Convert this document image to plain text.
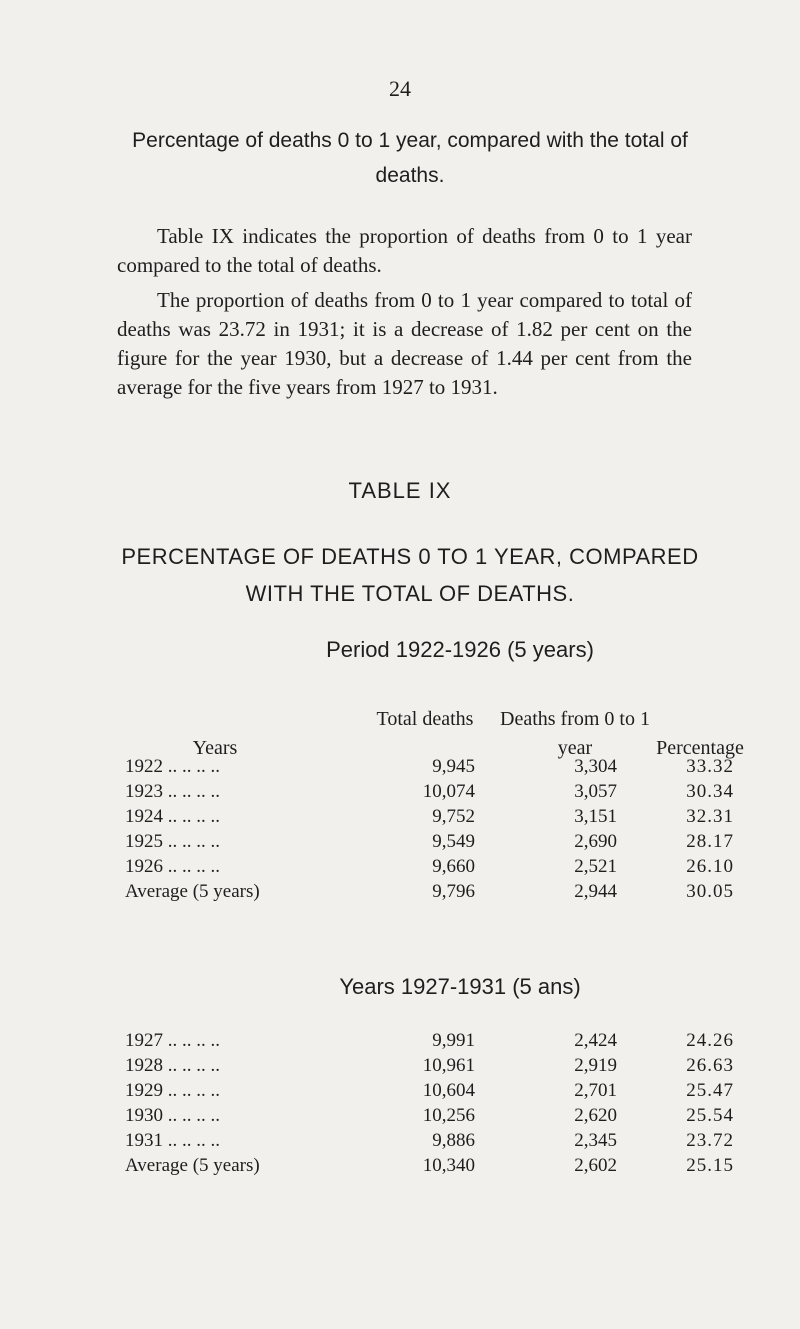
24
Percentage of deaths 0 to 1 year, compared with the total of deaths.
Table IX indicates the proportion of deaths from 0 to 1 year compared to the total of deaths.
The proportion of deaths from 0 to 1 year compared to total of deaths was 23.72 in 1931; it is a decrease of 1.82 per cent on the figure for the year 1930, but a decrease of 1.44 per cent from the average for the five years from 1927 to 1931.
TABLE IX
PERCENTAGE OF DEATHS 0 TO 1 YEAR, COMPARED WITH THE TOTAL OF DEATHS.
Period 1922-1926 (5 years)
Years
Total deaths	Deaths from 0 to 1 year	Percentage
1922 .. .. .. ..	9,945	3,304	33.32
1923 .. .. .. ..	10,074	3,057	30.34
1924 .. .. .. ..	9,752	3,151	32.31
1925 .. .. .. ..	9,549	2,690	28.17
1926 .. .. .. ..	9,660	2,521	26.10
Average (5 years)	9,796	2,944	30.05
Years 1927-1931 (5 ans)
1927 .. .. .. ..	9,991	2,424	24.26
1928 .. .. .. ..	10,961	2,919	26.63
1929 .. .. .. ..	10,604	2,701	25.47
1930 .. .. .. ..	10,256	2,620	25.54
1931 .. .. .. ..	9,886	2,345	23.72
Average (5 years)	10,340	2,602	25.15
